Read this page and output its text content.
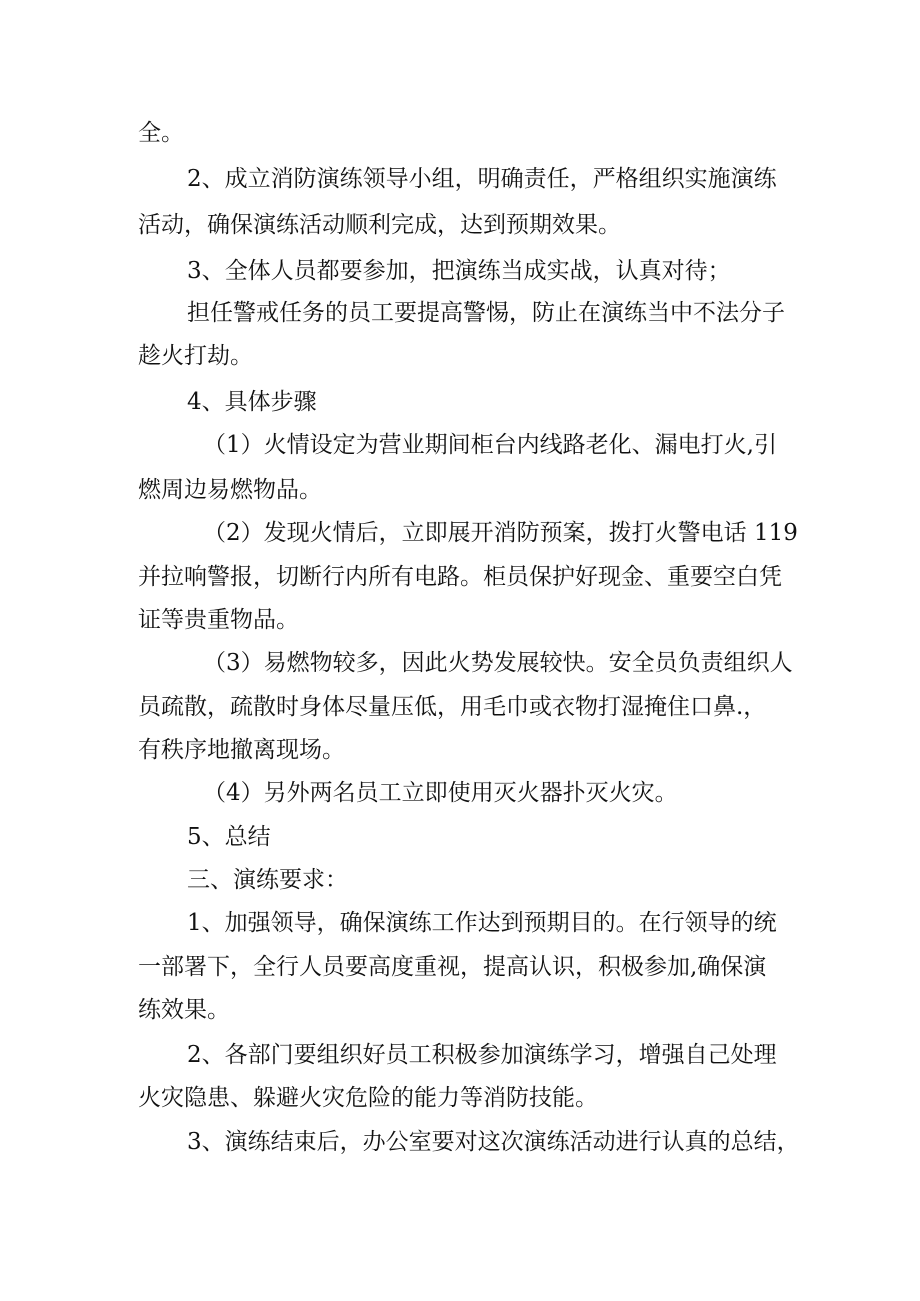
全。

2、成立消防演练领导小组，明确责任，严格组织实施演练

活动，确保演练活动顺利完成，达到预期效果。

3、全体人员都要参加，把演练当成实战，认真对待；

担任警戒任务的员工要提高警惕，防止在演练当中不法分子

趁火打劫。

4、具体步骤

（1）火情设定为营业期间柜台内线路老化、漏电打火,引

燃周边易燃物品。

（2）发现火情后，立即展开消防预案，拨打火警电话 119

并拉响警报，切断行内所有电路。柜员保护好现金、重要空白凭

证等贵重物品。

（3）易燃物较多，因此火势发展较快。安全员负责组织人

员疏散，疏散时身体尽量压低，用毛巾或衣物打湿掩住口鼻.，

有秩序地撤离现场。

（4）另外两名员工立即使用灭火器扑灭火灾。

5、总结

三、演练要求：

1、加强领导，确保演练工作达到预期目的。在行领导的统

一部署下，全行人员要高度重视，提高认识，积极参加,确保演

练效果。

2、各部门要组织好员工积极参加演练学习，增强自己处理

火灾隐患、躲避火灾危险的能力等消防技能。

3、演练结束后，办公室要对这次演练活动进行认真的总结，
